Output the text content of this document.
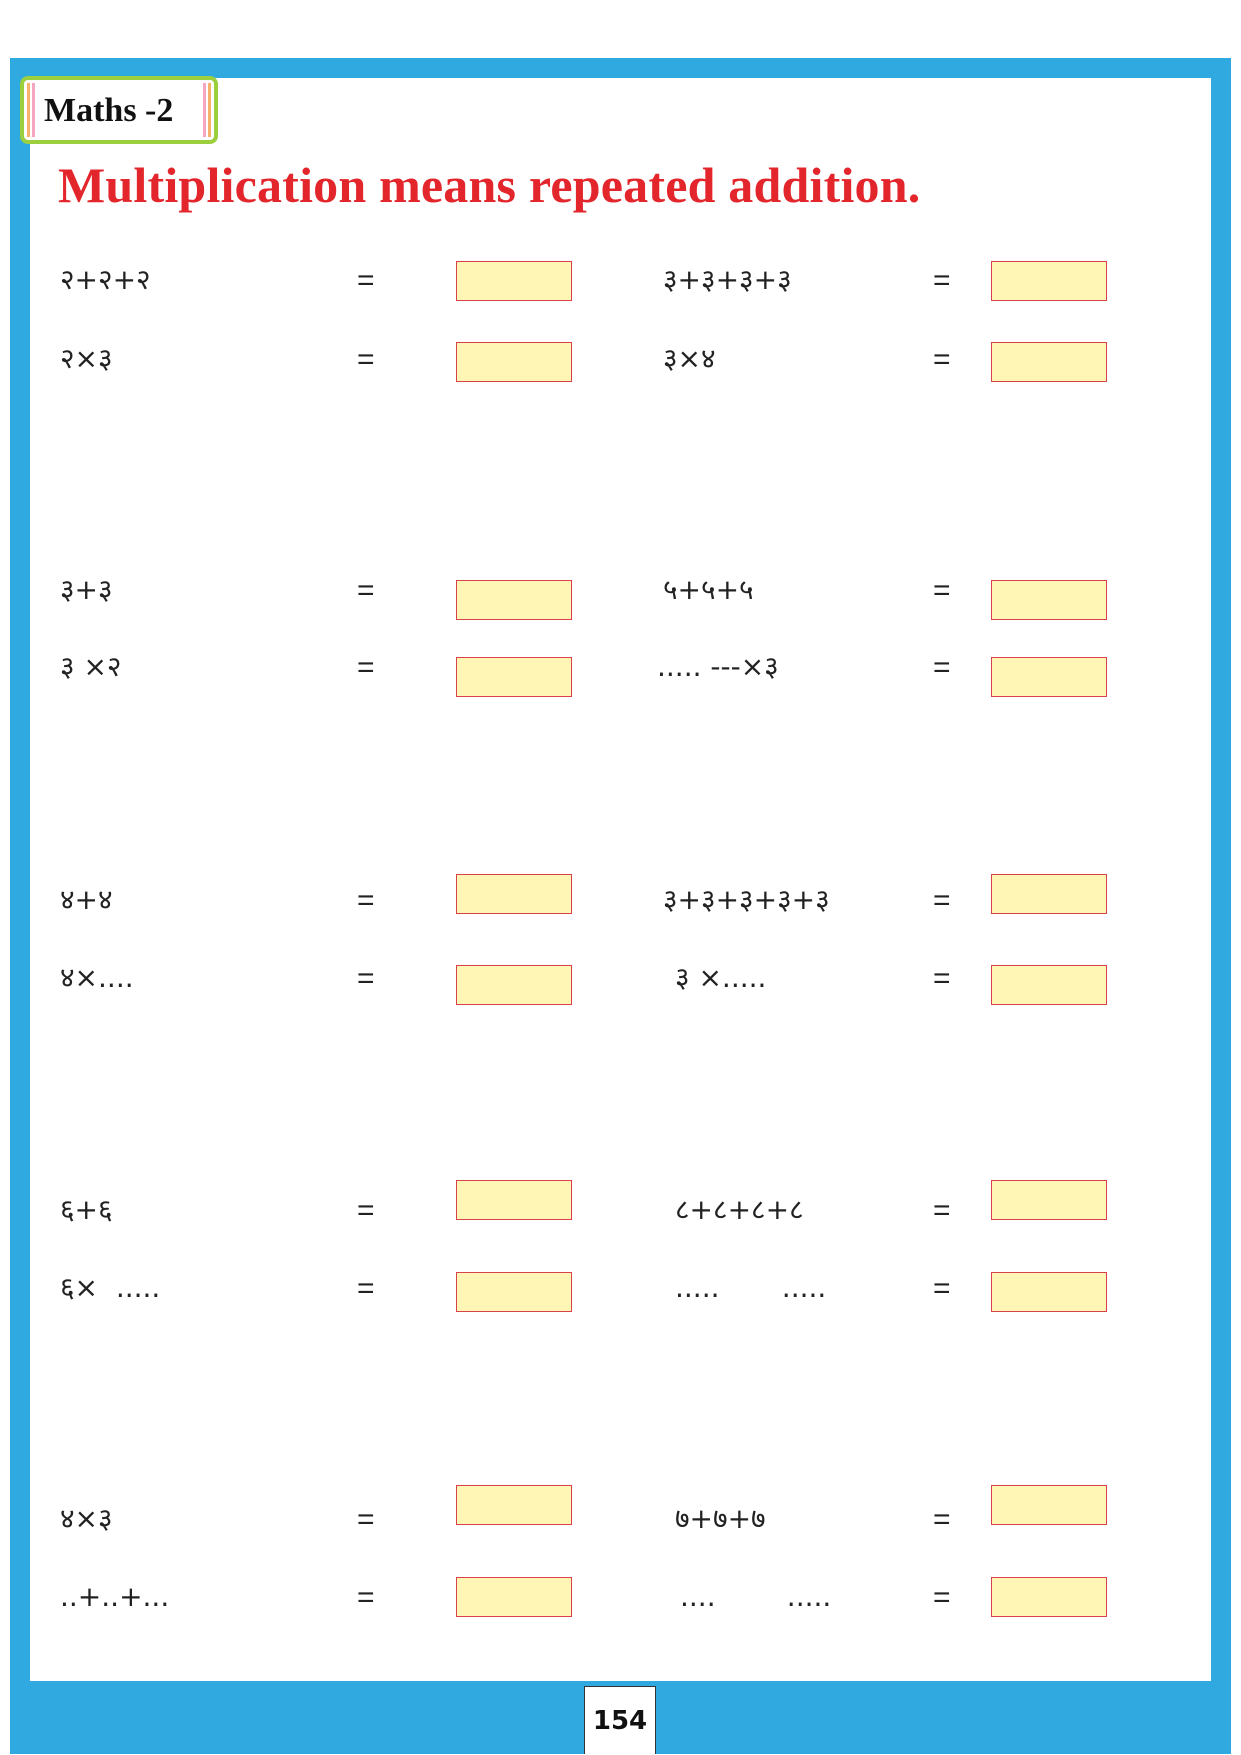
Maths -2
Multiplication means repeated addition.
२+२+२	=	३+३+३+३	=
२×३	=	३×४	=
३+३	=	५+५+५	=
३ ×२	=	..... ---×३	=
४+४	=	३+३+३+३+३	=
४×....	=	३ ×.....	=
६+६	=	८+८+८+८	=
६×  .....	=	.....       .....	=
४×३	=	७+७+७	=
..+..+...	=	....        .....	=
154
